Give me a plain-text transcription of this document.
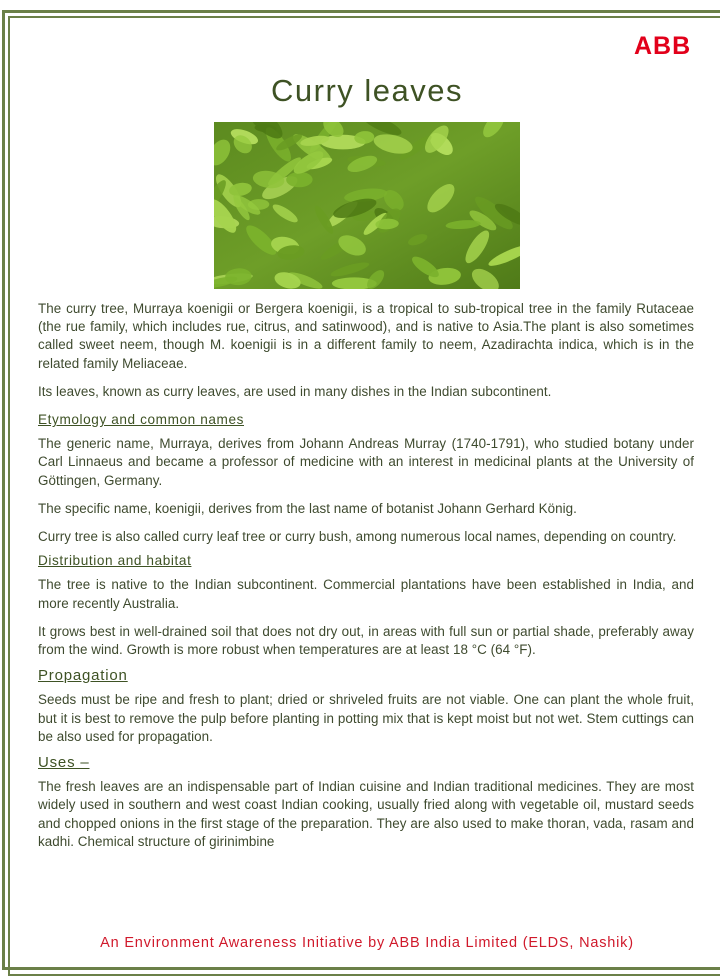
ABB
Curry leaves

The curry tree, Murraya koenigii or Bergera koenigii, is a tropical to sub-tropical tree in the family Rutaceae (the rue family, which includes rue, citrus, and satinwood), and is native to Asia.The plant is also sometimes called sweet neem, though M. koenigii is in a different family to neem, Azadirachta indica, which is in the related family Meliaceae.

Its leaves, known as curry leaves, are used in many dishes in the Indian subcontinent.

Etymology and common names

The generic name, Murraya, derives from Johann Andreas Murray (1740-1791), who studied botany under Carl Linnaeus and became a professor of medicine with an interest in medicinal plants at the University of Göttingen, Germany.

The specific name, koenigii, derives from the last name of botanist Johann Gerhard König.

Curry tree is also called curry leaf tree or curry bush, among numerous local names, depending on country.

Distribution and habitat

The tree is native to the Indian subcontinent. Commercial plantations have been established in India, and more recently Australia.

It grows best in well-drained soil that does not dry out, in areas with full sun or partial shade, preferably away from the wind. Growth is more robust when temperatures are at least 18 °C (64 °F).

Propagation

Seeds must be ripe and fresh to plant; dried or shriveled fruits are not viable. One can plant the whole fruit, but it is best to remove the pulp before planting in potting mix that is kept moist but not wet. Stem cuttings can be also used for propagation.

Uses –

The fresh leaves are an indispensable part of Indian cuisine and Indian traditional medicines. They are most widely used in southern and west coast Indian cooking, usually fried along with vegetable oil, mustard seeds and chopped onions in the first stage of the preparation. They are also used to make thoran, vada, rasam and kadhi. Chemical structure of girinimbine

An Environment Awareness Initiative by ABB India Limited (ELDS, Nashik)
